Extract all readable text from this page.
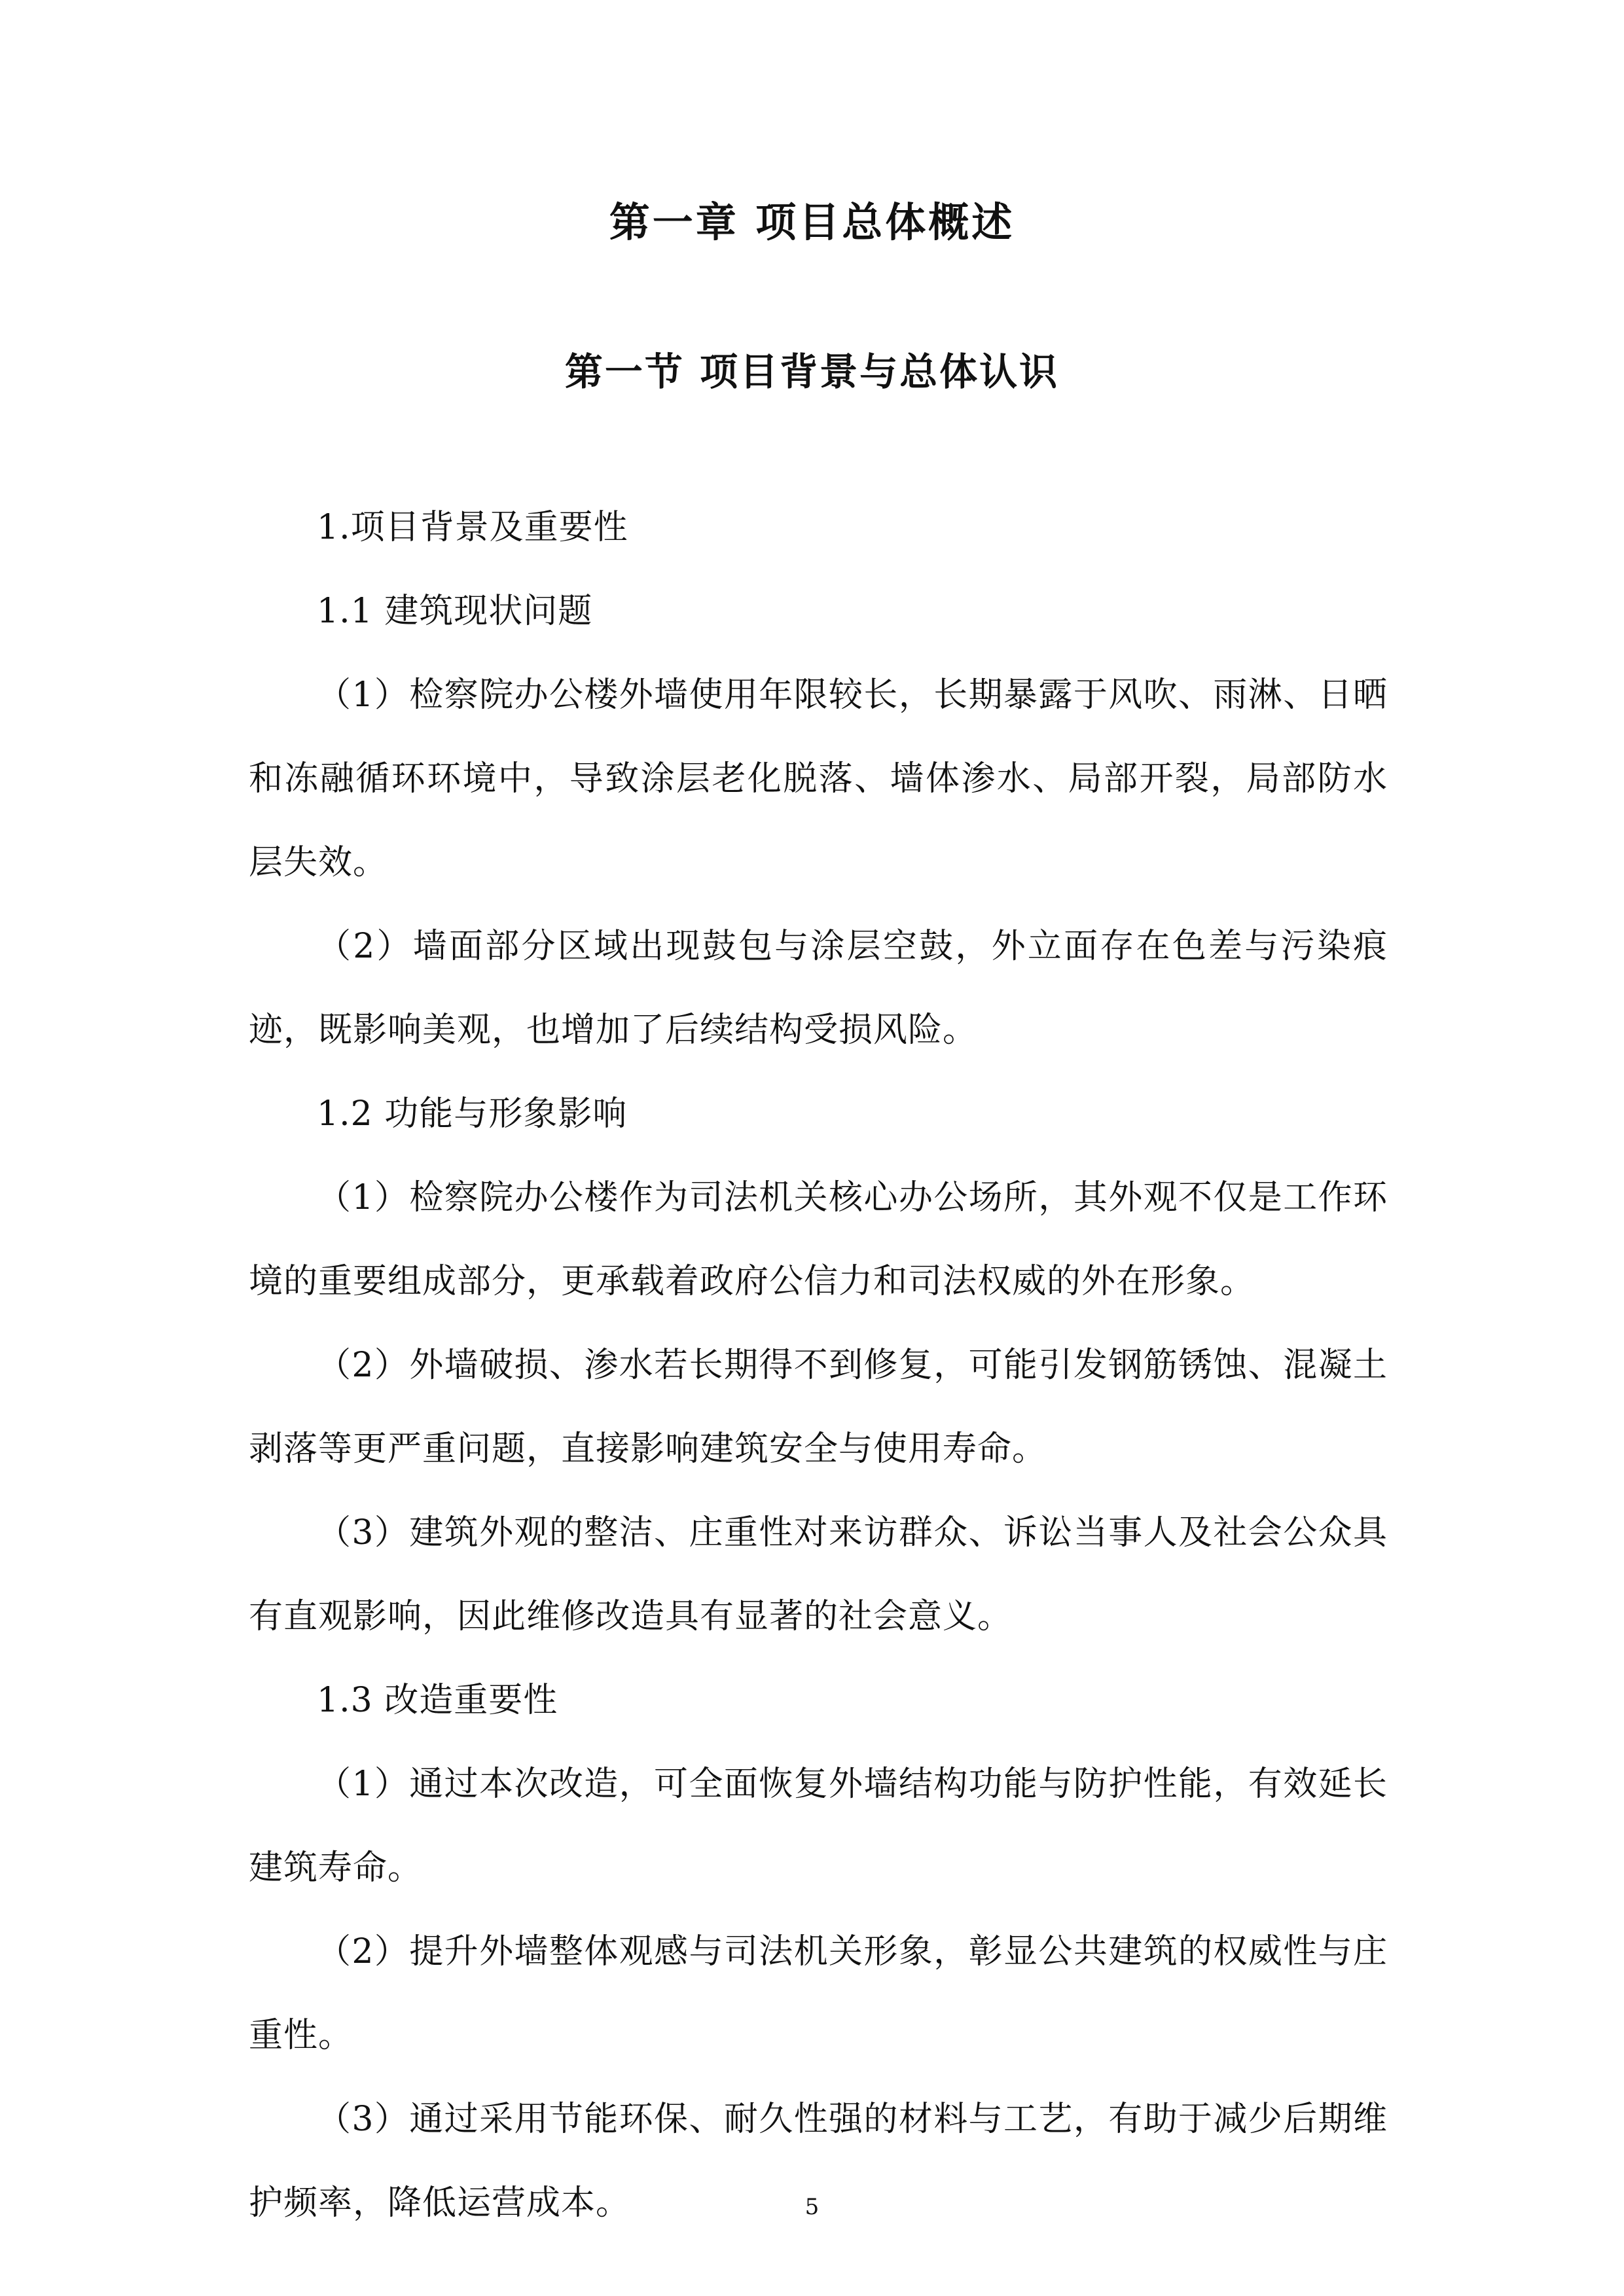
第一章 项目总体概述
第一节 项目背景与总体认识

1.项目背景及重要性

1.1 建筑现状问题

（1）检察院办公楼外墙使用年限较长，长期暴露于风吹、雨淋、日晒和冻融循环环境中，导致涂层老化脱落、墙体渗水、局部开裂，局部防水层失效。

（2）墙面部分区域出现鼓包与涂层空鼓，外立面存在色差与污染痕迹，既影响美观，也增加了后续结构受损风险。

1.2 功能与形象影响

（1）检察院办公楼作为司法机关核心办公场所，其外观不仅是工作环境的重要组成部分，更承载着政府公信力和司法权威的外在形象。

（2）外墙破损、渗水若长期得不到修复，可能引发钢筋锈蚀、混凝土剥落等更严重问题，直接影响建筑安全与使用寿命。

（3）建筑外观的整洁、庄重性对来访群众、诉讼当事人及社会公众具有直观影响，因此维修改造具有显著的社会意义。

1.3 改造重要性

（1）通过本次改造，可全面恢复外墙结构功能与防护性能，有效延长建筑寿命。

（2）提升外墙整体观感与司法机关形象，彰显公共建筑的权威性与庄重性。

（3）通过采用节能环保、耐久性强的材料与工艺，有助于减少后期维护频率，降低运营成本。	5
